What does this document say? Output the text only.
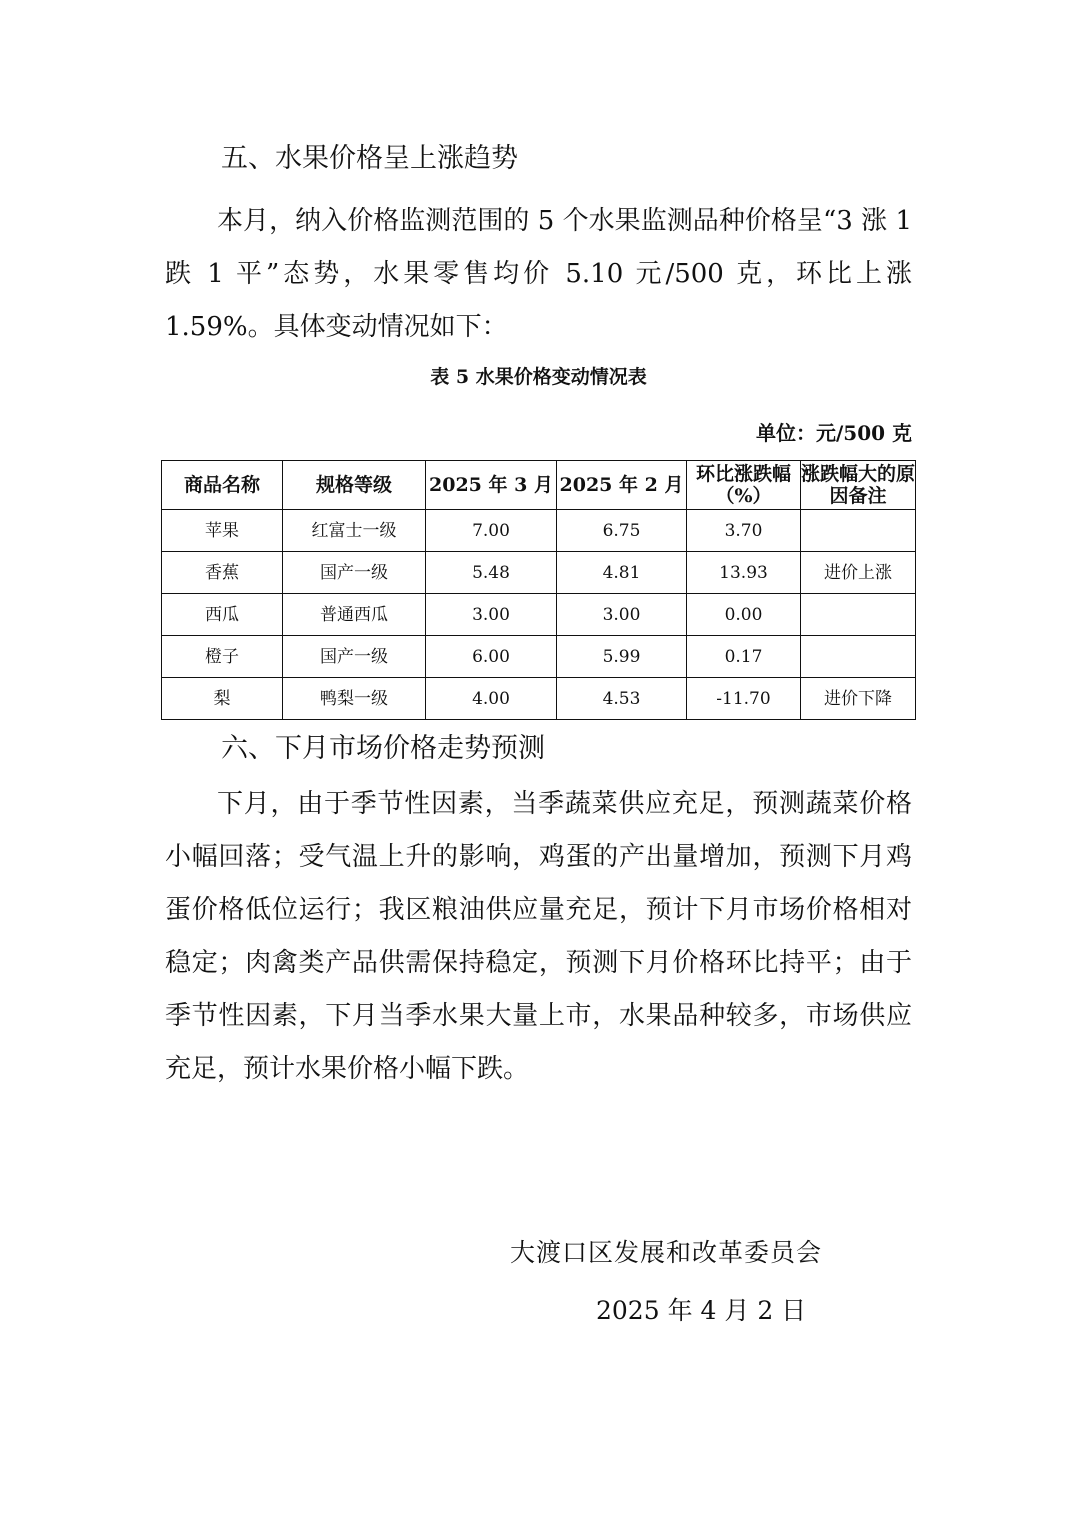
五、水果价格呈上涨趋势
本月，纳入价格监测范围的 5 个水果监测品种价格呈“3 涨 1 跌 1 平”态势，水果零售均价 5.10 元/500 克，环比上涨 1.59%。具体变动情况如下：
表 5 水果价格变动情况表
单位：元/500 克
商品名称	规格等级	2025 年 3 月	2025 年 2 月	环比涨跌幅（%）	涨跌幅大的原因备注
苹果	红富士一级	7.00	6.75	3.70	
香蕉	国产一级	5.48	4.81	13.93	进价上涨
西瓜	普通西瓜	3.00	3.00	0.00	
橙子	国产一级	6.00	5.99	0.17	
梨	鸭梨一级	4.00	4.53	-11.70	进价下降
六、下月市场价格走势预测
下月，由于季节性因素，当季蔬菜供应充足，预测蔬菜价格小幅回落；受气温上升的影响，鸡蛋的产出量增加，预测下月鸡蛋价格低位运行；我区粮油供应量充足，预计下月市场价格相对稳定；肉禽类产品供需保持稳定，预测下月价格环比持平；由于季节性因素，下月当季水果大量上市，水果品种较多，市场供应充足，预计水果价格小幅下跌。
大渡口区发展和改革委员会
2025 年 4 月 2 日
